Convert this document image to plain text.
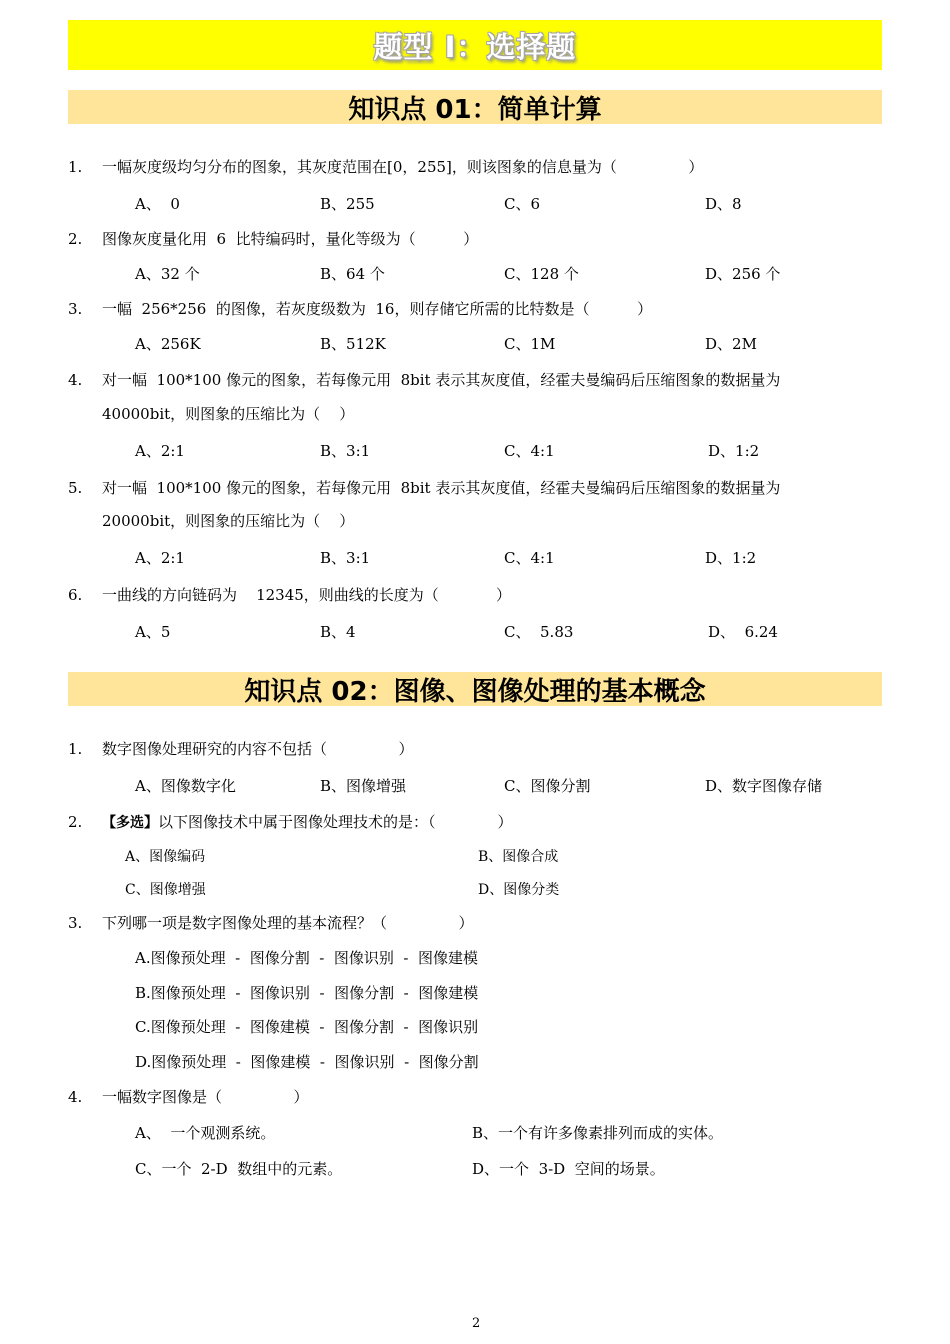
题型 I：选择题
知识点 01：简单计算
1.	一幅灰度级均匀分布的图象，其灰度范围在[0，255]，则该图象的信息量为（               ）
A、  0	B、255	C、6	D、8
2.	图像灰度量化用  6  比特编码时，量化等级为（          ）
A、32 个	B、64 个	C、128 个	D、256 个
3.	一幅  256*256  的图像，若灰度级数为  16，则存储它所需的比特数是（          ）
A、256K	B、512K	C、1M	D、2M
4.	对一幅  100*100 像元的图象，若每像元用  8bit 表示其灰度值，经霍夫曼编码后压缩图象的数据量为
40000bit，则图象的压缩比为（    ）
A、2:1	B、3:1	C、4:1	D、1:2
5.	对一幅  100*100 像元的图象，若每像元用  8bit 表示其灰度值，经霍夫曼编码后压缩图象的数据量为
20000bit，则图象的压缩比为（    ）
A、2:1	B、3:1	C、4:1	D、1:2
6.	一曲线的方向链码为    12345，则曲线的长度为（            ）
A、5	B、4	C、  5.83	D、  6.24
知识点 02：图像、图像处理的基本概念
1.	数字图像处理研究的内容不包括（               ）
A、图像数字化	B、图像增强	C、图像分割	D、数字图像存储
2.	【多选】以下图像技术中属于图像处理技术的是：（             ）
A、图像编码	B、图像合成
C、图像增强	D、图像分类
3.	下列哪一项是数字图像处理的基本流程？（               ）
A.图像预处理  -  图像分割  -  图像识别  -  图像建模
B.图像预处理  -  图像识别  -  图像分割  -  图像建模
C.图像预处理  -  图像建模  -  图像分割  -  图像识别
D.图像预处理  -  图像建模  -  图像识别  -  图像分割
4.	一幅数字图像是（               ）
A、  一个观测系统。	B、一个有许多像素排列而成的实体。
C、一个  2-D  数组中的元素。	D、一个  3-D  空间的场景。
2
